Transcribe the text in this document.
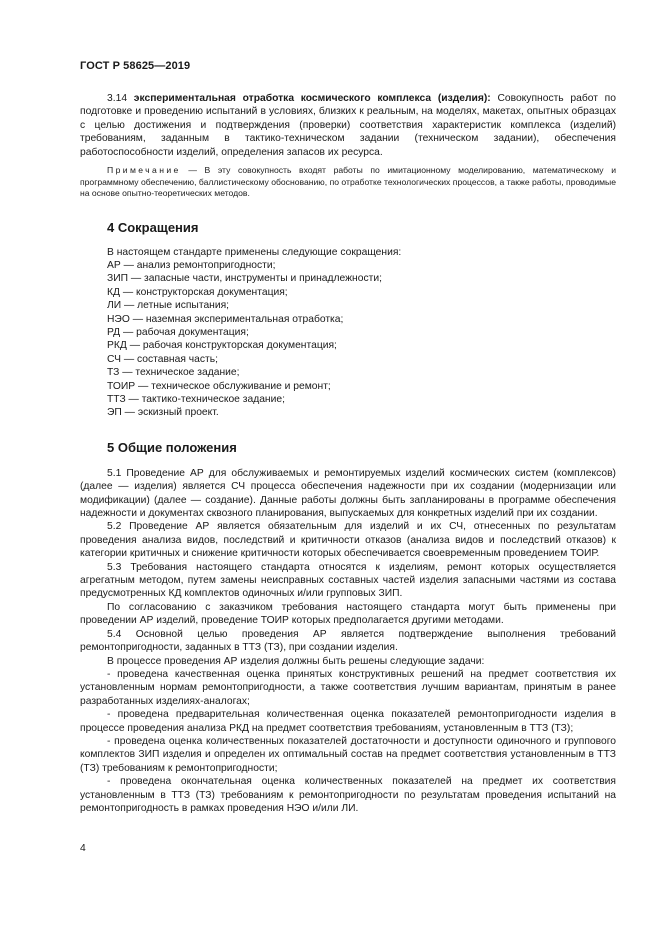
ГОСТ Р 58625—2019

3.14 экспериментальная отработка космического комплекса (изделия): Совокупность работ по подготовке и проведению испытаний в условиях, близких к реальным, на моделях, макетах, опытных образцах с целью достижения и подтверждения (проверки) соответствия характеристик комплекса (изделий) требованиям, заданным в тактико-техническом задании (техническом задании), обеспечения работоспособности изделий, определения запасов их ресурса.

Примечание — В эту совокупность входят работы по имитационному моделированию, математическому и программному обеспечению, баллистическому обоснованию, по отработке технологических процессов, а также работы, проводимые на основе опытно-теоретических методов.

4 Сокращения

В настоящем стандарте применены следующие сокращения:

АР — анализ ремонтопригодности;

ЗИП — запасные части, инструменты и принадлежности;

КД — конструкторская документация;

ЛИ — летные испытания;

НЭО — наземная экспериментальная отработка;

РД — рабочая документация;

РКД — рабочая конструкторская документация;

СЧ — составная часть;

ТЗ — техническое задание;

ТОИР — техническое обслуживание и ремонт;

ТТЗ — тактико-техническое задание;

ЭП — эскизный проект.

5 Общие положения

5.1 Проведение АР для обслуживаемых и ремонтируемых изделий космических систем (комплексов) (далее — изделия) является СЧ процесса обеспечения надежности при их создании (модернизации или модификации) (далее — создание). Данные работы должны быть запланированы в программе обеспечения надежности и документах сквозного планирования, выпускаемых для конкретных изделий при их создании.

5.2 Проведение АР является обязательным для изделий и их СЧ, отнесенных по результатам проведения анализа видов, последствий и критичности отказов (анализа видов и последствий отказов) к категории критичных и снижение критичности которых обеспечивается своевременным проведением ТОИР.

5.3 Требования настоящего стандарта относятся к изделиям, ремонт которых осуществляется агрегатным методом, путем замены неисправных составных частей изделия запасными частями из состава предусмотренных КД комплектов одиночных и/или групповых ЗИП.

По согласованию с заказчиком требования настоящего стандарта могут быть применены при проведении АР изделий, проведение ТОИР которых предполагается другими методами.

5.4 Основной целью проведения АР является подтверждение выполнения требований ремонтопригодности, заданных в ТТЗ (ТЗ), при создании изделия.

В процессе проведения АР изделия должны быть решены следующие задачи:

- проведена качественная оценка принятых конструктивных решений на предмет соответствия их установленным нормам ремонтопригодности, а также соответствия лучшим вариантам, принятым в ранее разработанных изделиях-аналогах;

- проведена предварительная количественная оценка показателей ремонтопригодности изделия в процессе проведения анализа РКД на предмет соответствия требованиям, установленным в ТТЗ (ТЗ);

- проведена оценка количественных показателей достаточности и доступности одиночного и группового комплектов ЗИП изделия и определен их оптимальный состав на предмет соответствия установленным в ТТЗ (ТЗ) требованиям к ремонтопригодности;

- проведена окончательная оценка количественных показателей на предмет их соответствия установленным в ТТЗ (ТЗ) требованиям к ремонтопригодности по результатам проведения испытаний на ремонтопригодность в рамках проведения НЭО и/или ЛИ.

4
